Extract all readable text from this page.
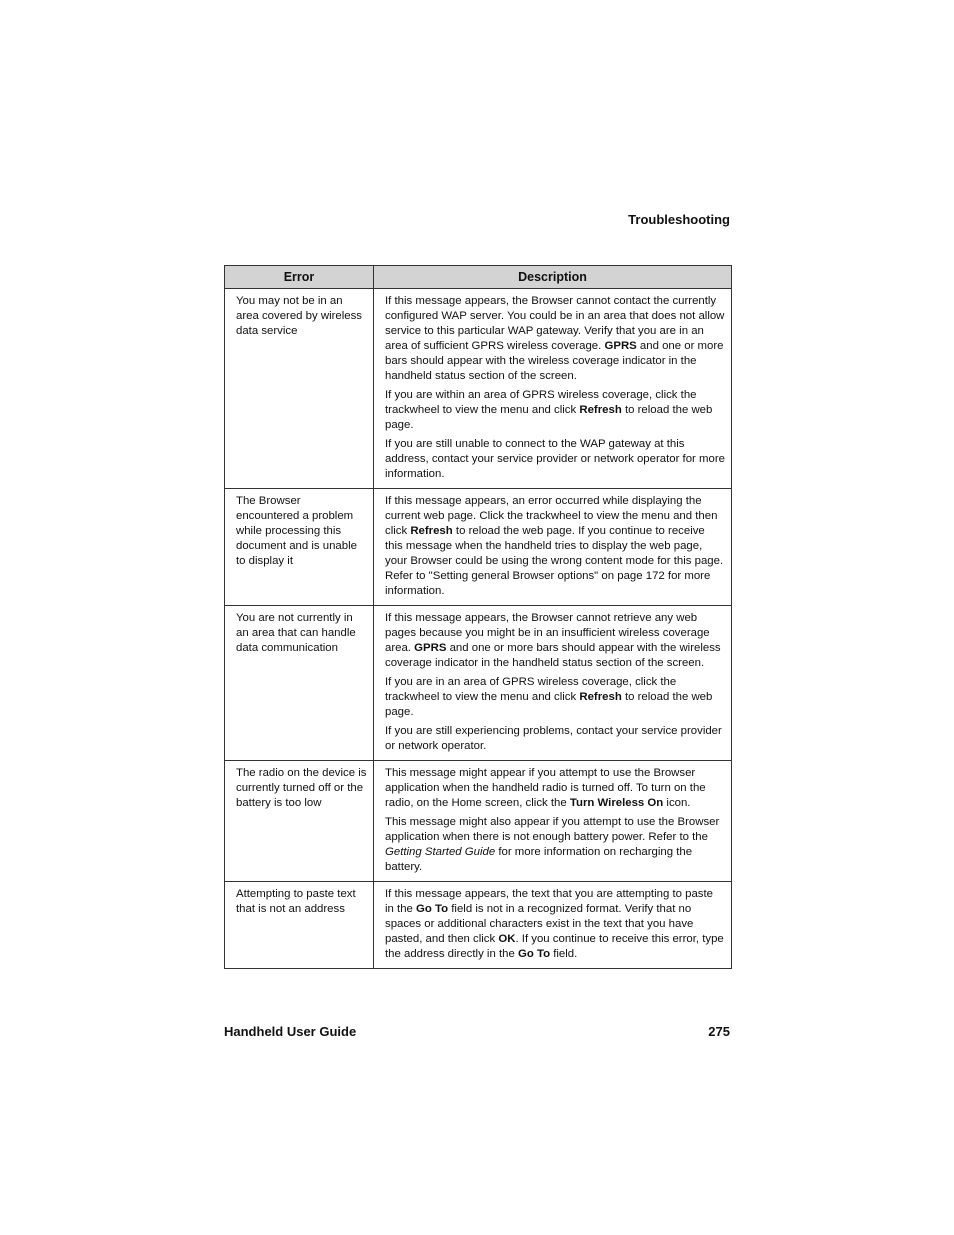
Troubleshooting
Error	Description
You may not be in an area covered by wireless data service	If this message appears, the Browser cannot contact the currently configured WAP server. You could be in an area that does not allow service to this particular WAP gateway. Verify that you are in an area of sufficient GPRS wireless coverage. GPRS and one or more bars should appear with the wireless coverage indicator in the handheld status section of the screen.

If you are within an area of GPRS wireless coverage, click the trackwheel to view the menu and click Refresh to reload the web page.

If you are still unable to connect to the WAP gateway at this address, contact your service provider or network operator for more information.

The Browser encountered a problem while processing this document and is unable to display it	If this message appears, an error occurred while displaying the current web page. Click the trackwheel to view the menu and then click Refresh to reload the web page. If you continue to receive this message when the handheld tries to display the web page, your Browser could be using the wrong content mode for this page. Refer to "Setting general Browser options" on page 172 for more information.

You are not currently in an area that can handle data communication	If this message appears, the Browser cannot retrieve any web pages because you might be in an insufficient wireless coverage area. GPRS and one or more bars should appear with the wireless coverage indicator in the handheld status section of the screen.

If you are in an area of GPRS wireless coverage, click the trackwheel to view the menu and click Refresh to reload the web page.

If you are still experiencing problems, contact your service provider or network operator.

The radio on the device is currently turned off or the battery is too low	This message might appear if you attempt to use the Browser application when the handheld radio is turned off. To turn on the radio, on the Home screen, click the Turn Wireless On icon.

This message might also appear if you attempt to use the Browser application when there is not enough battery power. Refer to the Getting Started Guide for more information on recharging the battery.

Attempting to paste text that is not an address	If this message appears, the text that you are attempting to paste in the Go To field is not in a recognized format. Verify that no spaces or additional characters exist in the text that you have pasted, and then click OK. If you continue to receive this error, type the address directly in the Go To field.

Handheld User Guide	275
